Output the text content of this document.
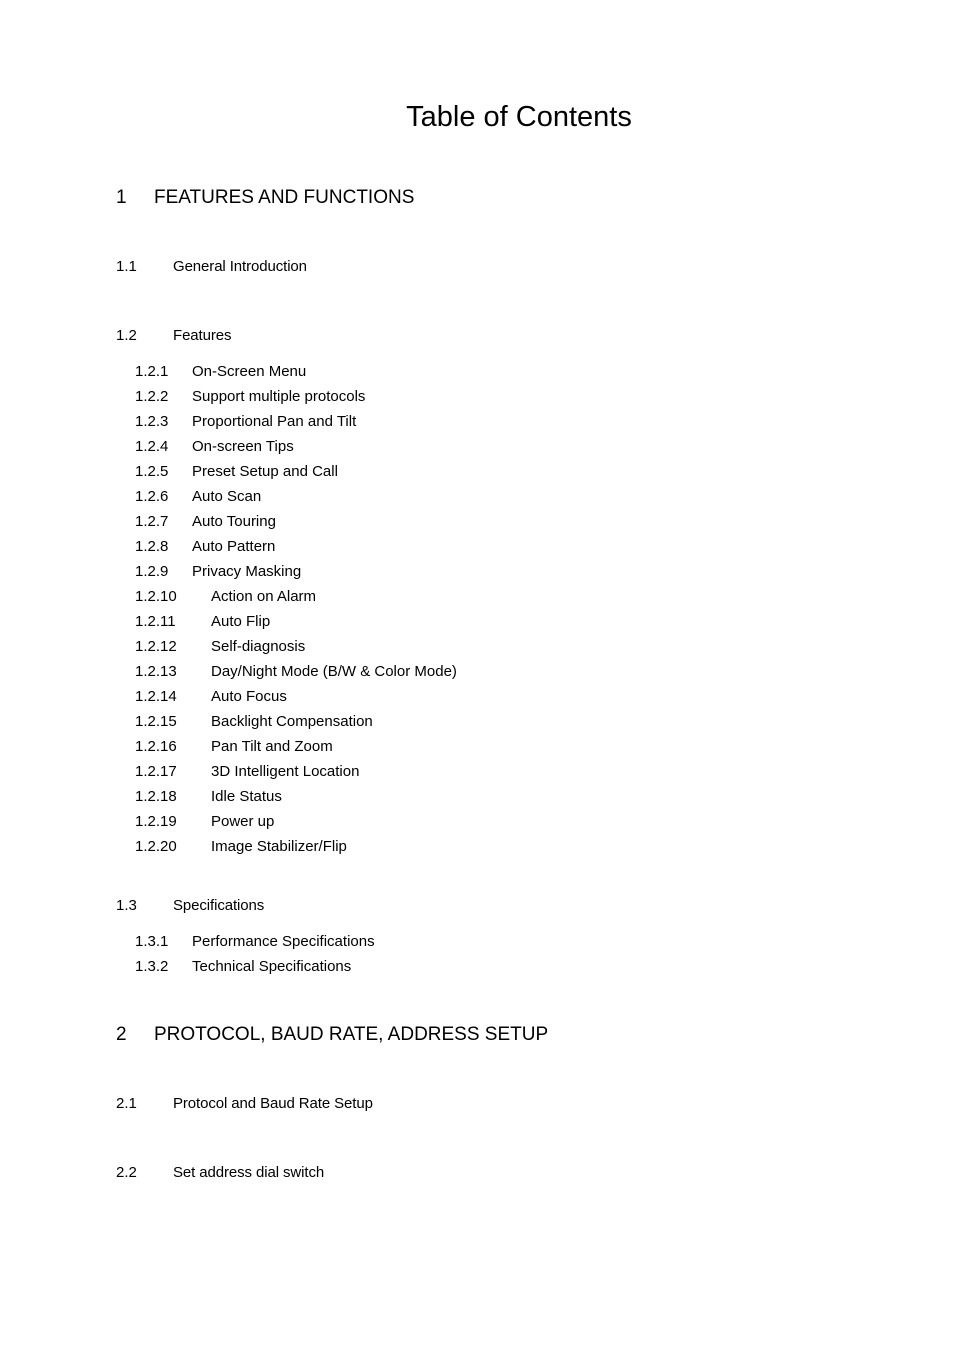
Table of Contents
1 FEATURES AND FUNCTIONS
1.1 General Introduction
1.2 Features
1.2.1 On-Screen Menu
1.2.2 Support multiple protocols
1.2.3 Proportional Pan and Tilt
1.2.4 On-screen Tips
1.2.5 Preset Setup and Call
1.2.6 Auto Scan
1.2.7 Auto Touring
1.2.8 Auto Pattern
1.2.9 Privacy Masking
1.2.10 Action on Alarm
1.2.11 Auto Flip
1.2.12 Self-diagnosis
1.2.13 Day/Night Mode (B/W & Color Mode)
1.2.14 Auto Focus
1.2.15 Backlight Compensation
1.2.16 Pan Tilt and Zoom
1.2.17 3D Intelligent Location
1.2.18 Idle Status
1.2.19 Power up
1.2.20 Image Stabilizer/Flip
1.3 Specifications
1.3.1 Performance Specifications
1.3.2 Technical Specifications
2 PROTOCOL, BAUD RATE, ADDRESS SETUP
2.1 Protocol and Baud Rate Setup
2.2 Set address dial switch
